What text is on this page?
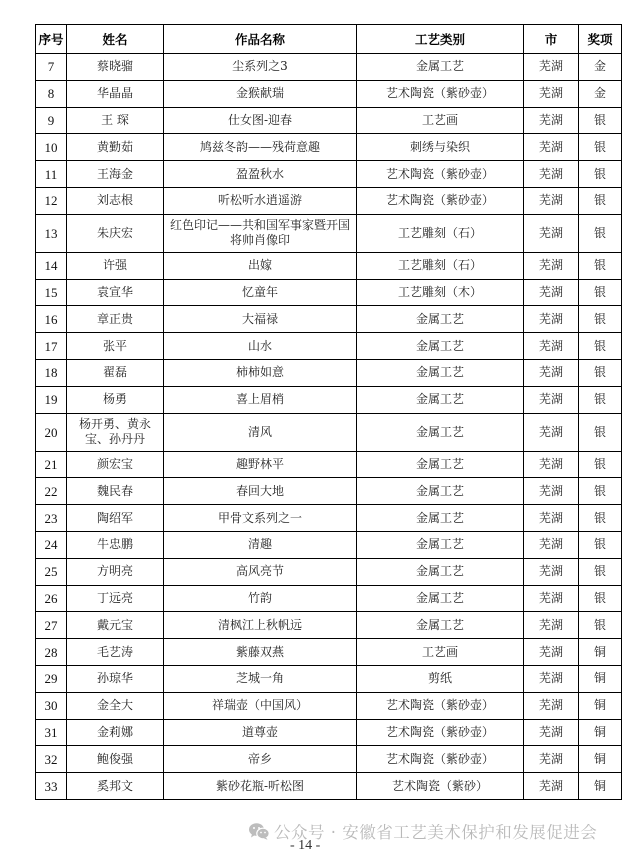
序号	姓名	作品名称	工艺类别	市	奖项
7	蔡晓骝	尘系列之3	金属工艺	芜湖	金
8	华晶晶	金猴献瑞	艺术陶瓷（紫砂壶）	芜湖	金
9	王 琛	仕女图-迎春	工艺画	芜湖	银
10	黄勤茹	鸠兹冬韵——残荷意趣	刺绣与染织	芜湖	银
11	王海金	盈盈秋水	艺术陶瓷（紫砂壶）	芜湖	银
12	刘志根	听松听水逍遥游	艺术陶瓷（紫砂壶）	芜湖	银
13	朱庆宏	红色印记——共和国军事家暨开国将帅肖像印	工艺雕刻（石）	芜湖	银
14	许强	出嫁	工艺雕刻（石）	芜湖	银
15	袁宣华	忆童年	工艺雕刻（木）	芜湖	银
16	章正贵	大福禄	金属工艺	芜湖	银
17	张平	山水	金属工艺	芜湖	银
18	翟磊	柿柿如意	金属工艺	芜湖	银
19	杨勇	喜上眉梢	金属工艺	芜湖	银
20	杨开勇、黄永宝、孙丹丹	清风	金属工艺	芜湖	银
21	颜宏宝	趣野林平	金属工艺	芜湖	银
22	魏民春	春回大地	金属工艺	芜湖	银
23	陶绍军	甲骨文系列之一	金属工艺	芜湖	银
24	牛忠鹏	清趣	金属工艺	芜湖	银
25	方明亮	高风亮节	金属工艺	芜湖	银
26	丁远亮	竹韵	金属工艺	芜湖	银
27	戴元宝	清枫江上秋帆远	金属工艺	芜湖	银
28	毛艺涛	紫藤双燕	工艺画	芜湖	铜
29	孙琼华	芝城一角	剪纸	芜湖	铜
30	金全大	祥瑞壶（中国风）	艺术陶瓷（紫砂壶）	芜湖	铜
31	金莉娜	道尊壶	艺术陶瓷（紫砂壶）	芜湖	铜
32	鲍俊强	帝乡	艺术陶瓷（紫砂壶）	芜湖	铜
33	奚邦文	紫砂花瓶-听松图	艺术陶瓷（紫砂）	芜湖	铜
公众号 · 安徽省工艺美术保护和发展促进会
- 14 -
